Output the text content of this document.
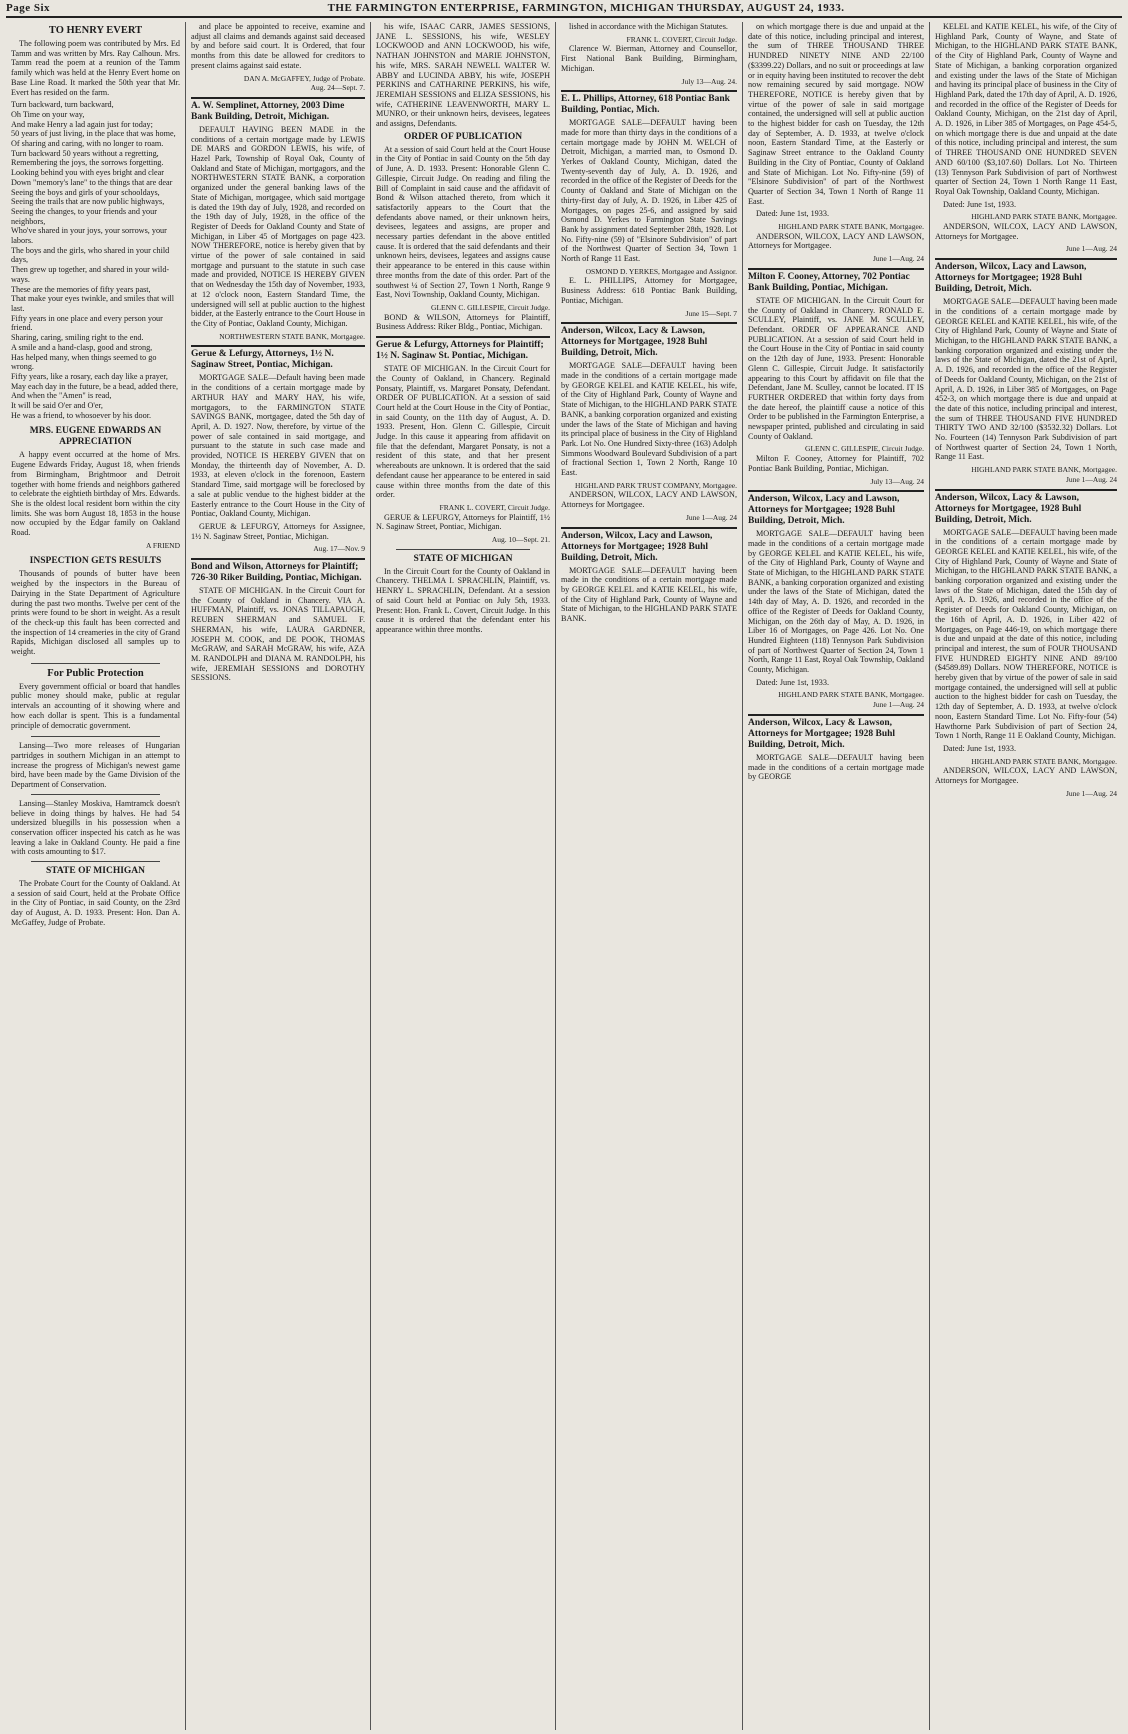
Page Six	THE FARMINGTON ENTERPRISE, FARMINGTON, MICHIGAN THURSDAY, AUGUST 24, 1933.
TO HENRY EVERT

The following poem was contributed by Mrs. Ed Tamm and was written by Mrs. Ray Calhoun. Mrs. Tamm read the poem at a reunion of the Tamm family which was held at the Henry Evert home on Base Line Road. It marked the 50th year that Mr. Evert has resided on the farm.

Turn backward, turn backward,
Oh Time on your way,
And make Henry a lad again just for today;
50 years of just living, in the place that was home,
Of sharing and caring, with no longer to roam.
Turn backward 50 years without a regretting,
Remembering the joys, the sorrows forgetting.
Looking behind you with eyes bright and clear
Down "memory's lane" to the things that are dear
Seeing the boys and girls of your schooldays,
Seeing the trails that are now public highways,
Seeing the changes, to your friends and your neighbors,
Who've shared in your joys, your sorrows, your labors.
The boys and the girls, who shared in your child days,
Then grew up together, and shared in your wild-ways.
These are the memories of fifty years past,
That make your eyes twinkle, and smiles that will last.
Fifty years in one place and every person your friend.
Sharing, caring, smiling right to the end.
A smile and a hand-clasp, good and strong,
Has helped many, when things seemed to go wrong.
Fifty years, like a rosary, each day like a prayer,
May each day in the future, be a bead, added there,
And when the "Amen" is read,
It will be said O'er and O'er,
He was a friend, to whosoever by his door.

MRS. EUGENE EDWARDS AN APPRECIATION

A happy event occurred at the home of Mrs. Eugene Edwards Friday, August 18, when friends from Birmingham, Brightmoor and Detroit together with home friends and neighbors gathered to celebrate the eightieth birthday of Mrs. Edwards. She is the oldest local resident born within the city limits. She was born August 18, 1853 in the house now occupied by the Edgar family on Oakland Road.

A FRIEND

INSPECTION GETS RESULTS

Thousands of pounds of butter have been weighed by the inspectors in the Bureau of Dairying in the State Department of Agriculture during the past two months. Twelve per cent of the prints were found to be short in weight. As a result of the check-up this fault has been corrected and the inspection of 14 creameries in the city of Grand Rapids, Michigan disclosed all samples up to weight.

For Public Protection

Every government official or board that handles public money should make, public at regular intervals an accounting of it showing where and how each dollar is spent. This is a fundamental principle of democratic government.

Lansing—Two more releases of Hungarian partridges in southern Michigan in an attempt to increase the progress of Michigan's newest game bird, have been made by the Game Division of the Department of Conservation.

Lansing—Stanley Moskiva, Hamtramck doesn't believe in doing things by halves. He had 54 undersized bluegills in his possession when a conservation officer inspected his catch as he was leaving a lake in Oakland County. He paid a fine with costs amounting to $17.

STATE OF MICHIGAN

The Probate Court for the County of Oakland. At a session of said Court, held at the Probate Office in the City of Pontiac, in said County, on the 23rd day of August, A. D. 1933. Present: Hon. Dan A. McGaffey, Judge of Probate.

and place be appointed to receive, examine and adjust all claims and demands against said deceased by and before said court. It is Ordered, that four months from this date be allowed for creditors to present claims against said estate.

DAN A. McGAFFEY, Judge of Probate.

Aug. 24—Sept. 7.

A. W. Semplinet, Attorney, 2003 Dime Bank Building, Detroit, Michigan.

DEFAULT HAVING BEEN MADE in the conditions of a certain mortgage made by LEWIS DE MARS and GORDON LEWIS, his wife, of Hazel Park, Township of Royal Oak, County of Oakland and State of Michigan, mortgagors, and the NORTHWESTERN STATE BANK, a corporation organized under the general banking laws of the State of Michigan, mortgagee, which said mortgage is dated the 19th day of July, 1928, and recorded on the 19th day of July, 1928, in the office of the Register of Deeds for Oakland County and State of Michigan, in Liber 45 of Mortgages on page 423. NOW THEREFORE, notice is hereby given that by virtue of the power of sale contained in said mortgage and pursuant to the statute in such case made and provided, NOTICE IS HEREBY GIVEN that on Wednesday the 15th day of November, 1933, at 12 o'clock noon, Eastern Standard Time, the undersigned will sell at public auction to the highest bidder, at the Easterly entrance to the Court House in the City of Pontiac, Oakland County, Michigan.

NORTHWESTERN STATE BANK, Mortgagee.

Gerue & Lefurgy, Attorneys, 1½ N. Saginaw Street, Pontiac, Michigan.

MORTGAGE SALE—Default having been made in the conditions of a certain mortgage made by ARTHUR HAY and MARY HAY, his wife, mortgagors, to the FARMINGTON STATE SAVINGS BANK, mortgagee, dated the 5th day of April, A. D. 1927. Now, therefore, by virtue of the power of sale contained in said mortgage, and pursuant to the statute in such case made and provided, NOTICE IS HEREBY GIVEN that on Monday, the thirteenth day of November, A. D. 1933, at eleven o'clock in the forenoon, Eastern Standard Time, said mortgage will be foreclosed by a sale at public vendue to the highest bidder at the Easterly entrance to the Court House in the City of Pontiac, Oakland County, Michigan.

GERUE & LEFURGY, Attorneys for Assignee, 1½ N. Saginaw Street, Pontiac, Michigan.

Aug. 17—Nov. 9

Bond and Wilson, Attorneys for Plaintiff; 726-30 Riker Building, Pontiac, Michigan.

STATE OF MICHIGAN. In the Circuit Court for the County of Oakland in Chancery. VIA A. HUFFMAN, Plaintiff, vs. JONAS TILLAPAUGH, REUBEN SHERMAN and SAMUEL F. SHERMAN, his wife, LAURA GARDNER, JOSEPH M. COOK, and DE POOK, THOMAS McGRAW, and SARAH McGRAW, his wife, AZA M. RANDOLPH and DIANA M. RANDOLPH, his wife, JEREMIAH SESSIONS and DOROTHY SESSIONS.

his wife, ISAAC CARR, JAMES SESSIONS, JANE L. SESSIONS, his wife, WESLEY LOCKWOOD and ANN LOCKWOOD, his wife, NATHAN JOHNSTON and MARIE JOHNSTON, his wife, MRS. SARAH NEWELL WALTER W. ABBY and LUCINDA ABBY, his wife, JOSEPH PERKINS and CATHARINE PERKINS, his wife, JEREMIAH SESSIONS and ELIZA SESSIONS, his wife, CATHERINE LEAVENWORTH, MARY L. MUNRO, or their unknown heirs, devisees, legatees and assigns, Defendants.

ORDER OF PUBLICATION

At a session of said Court held at the Court House in the City of Pontiac in said County on the 5th day of June, A. D. 1933. Present: Honorable Glenn C. Gillespie, Circuit Judge. On reading and filing the Bill of Complaint in said cause and the affidavit of Bond & Wilson attached thereto, from which it satisfactorily appears to the Court that the defendants above named, or their unknown heirs, devisees, legatees and assigns, are proper and necessary parties defendant in the above entitled cause. It is ordered that the said defendants and their unknown heirs, devisees, legatees and assigns cause their appearance to be entered in this cause within three months from the date of this order. Part of the southwest ¼ of Section 27, Town 1 North, Range 9 East, Novi Township, Oakland County, Michigan.

GLENN C. GILLESPIE, Circuit Judge.

BOND & WILSON, Attorneys for Plaintiff, Business Address: Riker Bldg., Pontiac, Michigan.

Gerue & Lefurgy, Attorneys for Plaintiff; 1½ N. Saginaw St. Pontiac, Michigan.

STATE OF MICHIGAN. In the Circuit Court for the County of Oakland, in Chancery. Reginald Ponsaty, Plaintiff, vs. Margaret Ponsaty, Defendant. ORDER OF PUBLICATION. At a session of said Court held at the Court House in the City of Pontiac, in said County, on the 11th day of August, A. D. 1933. Present, Hon. Glenn C. Gillespie, Circuit Judge. In this cause it appearing from affidavit on file that the defendant, Margaret Ponsaty, is not a resident of this state, and that her present whereabouts are unknown. It is ordered that the said defendant cause her appearance to be entered in said cause within three months from the date of this order.

FRANK L. COVERT, Circuit Judge.

GERUE & LEFURGY, Attorneys for Plaintiff, 1½ N. Saginaw Street, Pontiac, Michigan.

Aug. 10—Sept. 21.

STATE OF MICHIGAN

In the Circuit Court for the County of Oakland in Chancery. THELMA I. SPRACHLIN, Plaintiff, vs. HENRY L. SPRACHLIN, Defendant. At a session of said Court held at Pontiac on July 5th, 1933. Present: Hon. Frank L. Covert, Circuit Judge. In this cause it is ordered that the defendant enter his appearance within three months.

lished in accordance with the Michigan Statutes.

FRANK L. COVERT, Circuit Judge.

Clarence W. Bierman, Attorney and Counsellor, First National Bank Building, Birmingham, Michigan.

July 13—Aug. 24.

E. L. Phillips, Attorney, 618 Pontiac Bank Building, Pontiac, Mich.

MORTGAGE SALE—DEFAULT having been made for more than thirty days in the conditions of a certain mortgage made by JOHN M. WELCH of Detroit, Michigan, a married man, to Osmond D. Yerkes of Oakland County, Michigan, dated the Twenty-seventh day of July, A. D. 1926, and recorded in the office of the Register of Deeds for the County of Oakland and State of Michigan on the thirty-first day of July, A. D. 1926, in Liber 425 of Mortgages, on pages 25-6, and assigned by said Osmond D. Yerkes to Farmington State Savings Bank by assignment dated September 28th, 1928. Lot No. Fifty-nine (59) of "Elsinore Subdivision" of part of the Northwest Quarter of Section 34, Town 1 North of Range 11 East.

OSMOND D. YERKES, Mortgagee and Assignor.

E. L. PHILLIPS, Attorney for Mortgagee, Business Address: 618 Pontiac Bank Building, Pontiac, Michigan.

June 15—Sept. 7

Anderson, Wilcox, Lacy & Lawson, Attorneys for Mortgagee, 1928 Buhl Building, Detroit, Mich.

MORTGAGE SALE—DEFAULT having been made in the conditions of a certain mortgage made by GEORGE KELEL and KATIE KELEL, his wife, of the City of Highland Park, County of Wayne and State of Michigan, to the HIGHLAND PARK STATE BANK, a banking corporation organized and existing under the laws of the State of Michigan and having its principal place of business in the City of Highland Park. Lot No. One Hundred Sixty-three (163) Adolph Simmons Woodward Boulevard Subdivision of a part of fractional Section 1, Town 2 North, Range 10 East.

HIGHLAND PARK TRUST COMPANY, Mortgagee.

ANDERSON, WILCOX, LACY AND LAWSON, Attorneys for Mortgagee.

June 1—Aug. 24

Anderson, Wilcox, Lacy and Lawson, Attorneys for Mortgagee; 1928 Buhl Building, Detroit, Mich.

MORTGAGE SALE—DEFAULT having been made in the conditions of a certain mortgage made by GEORGE KELEL and KATIE KELEL, his wife, of the City of Highland Park, County of Wayne and State of Michigan, to the HIGHLAND PARK STATE BANK.

on which mortgage there is due and unpaid at the date of this notice, including principal and interest, the sum of THREE THOUSAND THREE HUNDRED NINETY NINE AND 22/100 ($3399.22) Dollars, and no suit or proceedings at law or in equity having been instituted to recover the debt now remaining secured by said mortgage. NOW THEREFORE, NOTICE is hereby given that by virtue of the power of sale in said mortgage contained, the undersigned will sell at public auction to the highest bidder for cash on Tuesday, the 12th day of September, A. D. 1933, at twelve o'clock noon, Eastern Standard Time, at the Easterly or Saginaw Street entrance to the Oakland County Building in the City of Pontiac, County of Oakland and State of Michigan. Lot No. Fifty-nine (59) of "Elsinore Subdivision" of part of the Northwest Quarter of Section 34, Town 1 North of Range 11 East.

Dated: June 1st, 1933.

HIGHLAND PARK STATE BANK, Mortgagee.

ANDERSON, WILCOX, LACY AND LAWSON, Attorneys for Mortgagee.

June 1—Aug. 24

Milton F. Cooney, Attorney, 702 Pontiac Bank Building, Pontiac, Michigan.

STATE OF MICHIGAN. In the Circuit Court for the County of Oakland in Chancery. RONALD E. SCULLEY, Plaintiff, vs. JANE M. SCULLEY, Defendant. ORDER OF APPEARANCE AND PUBLICATION. At a session of said Court held in the Court House in the City of Pontiac in said county on the 12th day of June, 1933. Present: Honorable Glenn C. Gillespie, Circuit Judge. It satisfactorily appearing to this Court by affidavit on file that the Defendant, Jane M. Sculley, cannot be located. IT IS FURTHER ORDERED that within forty days from the date hereof, the plaintiff cause a notice of this Order to be published in the Farmington Enterprise, a newspaper printed, published and circulating in said County of Oakland.

GLENN C. GILLESPIE, Circuit Judge.

Milton F. Cooney, Attorney for Plaintiff, 702 Pontiac Bank Building, Pontiac, Michigan.

July 13—Aug. 24

Anderson, Wilcox, Lacy and Lawson, Attorneys for Mortgagee; 1928 Buhl Building, Detroit, Mich.

MORTGAGE SALE—DEFAULT having been made in the conditions of a certain mortgage made by GEORGE KELEL and KATIE KELEL, his wife, of the City of Highland Park, County of Wayne and State of Michigan, to the HIGHLAND PARK STATE BANK, a banking corporation organized and existing under the laws of the State of Michigan, dated the 14th day of May, A. D. 1926, and recorded in the office of the Register of Deeds for Oakland County, Michigan, on the 26th day of May, A. D. 1926, in Liber 16 of Mortgages, on Page 426. Lot No. One Hundred Eighteen (118) Tennyson Park Subdivision of part of Northwest Quarter of Section 24, Town 1 North, Range 11 East, Royal Oak Township, Oakland County, Michigan.

Dated: June 1st, 1933.

HIGHLAND PARK STATE BANK, Mortgagee.

June 1—Aug. 24

Anderson, Wilcox, Lacy & Lawson, Attorneys for Mortgagee; 1928 Buhl Building, Detroit, Mich.

MORTGAGE SALE—DEFAULT having been made in the conditions of a certain mortgage made by GEORGE

KELEL and KATIE KELEL, his wife, of the City of Highland Park, County of Wayne, and State of Michigan, to the HIGHLAND PARK STATE BANK, of the City of Highland Park, County of Wayne and State of Michigan, a banking corporation organized and existing under the laws of the State of Michigan and having its principal place of business in the City of Highland Park, dated the 17th day of April, A. D. 1926, and recorded in the office of the Register of Deeds for Oakland County, Michigan, on the 21st day of April, A. D. 1926, in Liber 385 of Mortgages, on Page 454-5, on which mortgage there is due and unpaid at the date of this notice, including principal and interest, the sum of THREE THOUSAND ONE HUNDRED SEVEN AND 60/100 ($3,107.60) Dollars. Lot No. Thirteen (13) Tennyson Park Subdivision of part of Northwest quarter of Section 24, Town 1 North Range 11 East, Royal Oak Township, Oakland County, Michigan.

Dated: June 1st, 1933.

HIGHLAND PARK STATE BANK, Mortgagee.

ANDERSON, WILCOX, LACY AND LAWSON, Attorneys for Mortgagee.

June 1—Aug. 24

Anderson, Wilcox, Lacy and Lawson, Attorneys for Mortgagee; 1928 Buhl Building, Detroit, Mich.

MORTGAGE SALE—DEFAULT having been made in the conditions of a certain mortgage made by GEORGE KELEL and KATIE KELEL, his wife, of the City of Highland Park, County of Wayne and State of Michigan, to the HIGHLAND PARK STATE BANK, a banking corporation organized and existing under the laws of the State of Michigan, dated the 21st of April, A. D. 1926, and recorded in the office of the Register of Deeds for Oakland County, Michigan, on the 21st of April, A. D. 1926, in Liber 385 of Mortgages, on Page 452-3, on which mortgage there is due and unpaid at the date of this notice, including principal and interest, the sum of THREE THOUSAND FIVE HUNDRED THIRTY TWO AND 32/100 ($3532.32) Dollars. Lot No. Fourteen (14) Tennyson Park Subdivision of part of Northwest quarter of Section 24, Town 1 North, Range 11 East.

HIGHLAND PARK STATE BANK, Mortgagee.

June 1—Aug. 24

Anderson, Wilcox, Lacy & Lawson, Attorneys for Mortgagee, 1928 Buhl Building, Detroit, Mich.

MORTGAGE SALE—DEFAULT having been made in the conditions of a certain mortgage made by GEORGE KELEL and KATIE KELEL, his wife, of the City of Highland Park, County of Wayne and State of Michigan, to the HIGHLAND PARK STATE BANK, a banking corporation organized and existing under the laws of the State of Michigan, dated the 15th day of April, A. D. 1926, and recorded in the office of the Register of Deeds for Oakland County, Michigan, on the 16th of April, A. D. 1926, in Liber 422 of Mortgages, on Page 446-19, on which mortgage there is due and unpaid at the date of this notice, including principal and interest, the sum of FOUR THOUSAND FIVE HUNDRED EIGHTY NINE AND 89/100 ($4589.89) Dollars. NOW THEREFORE, NOTICE is hereby given that by virtue of the power of sale in said mortgage contained, the undersigned will sell at public auction to the highest bidder for cash on Tuesday, the 12th day of September, A. D. 1933, at twelve o'clock noon, Eastern Standard Time. Lot No. Fifty-four (54) Hawthorne Park Subdivision of part of Section 24, Town 1 North, Range 11 E Oakland County, Michigan.

Dated: June 1st, 1933.

HIGHLAND PARK STATE BANK, Mortgagee.

ANDERSON, WILCOX, LACY AND LAWSON, Attorneys for Mortgagee.

June 1—Aug. 24
